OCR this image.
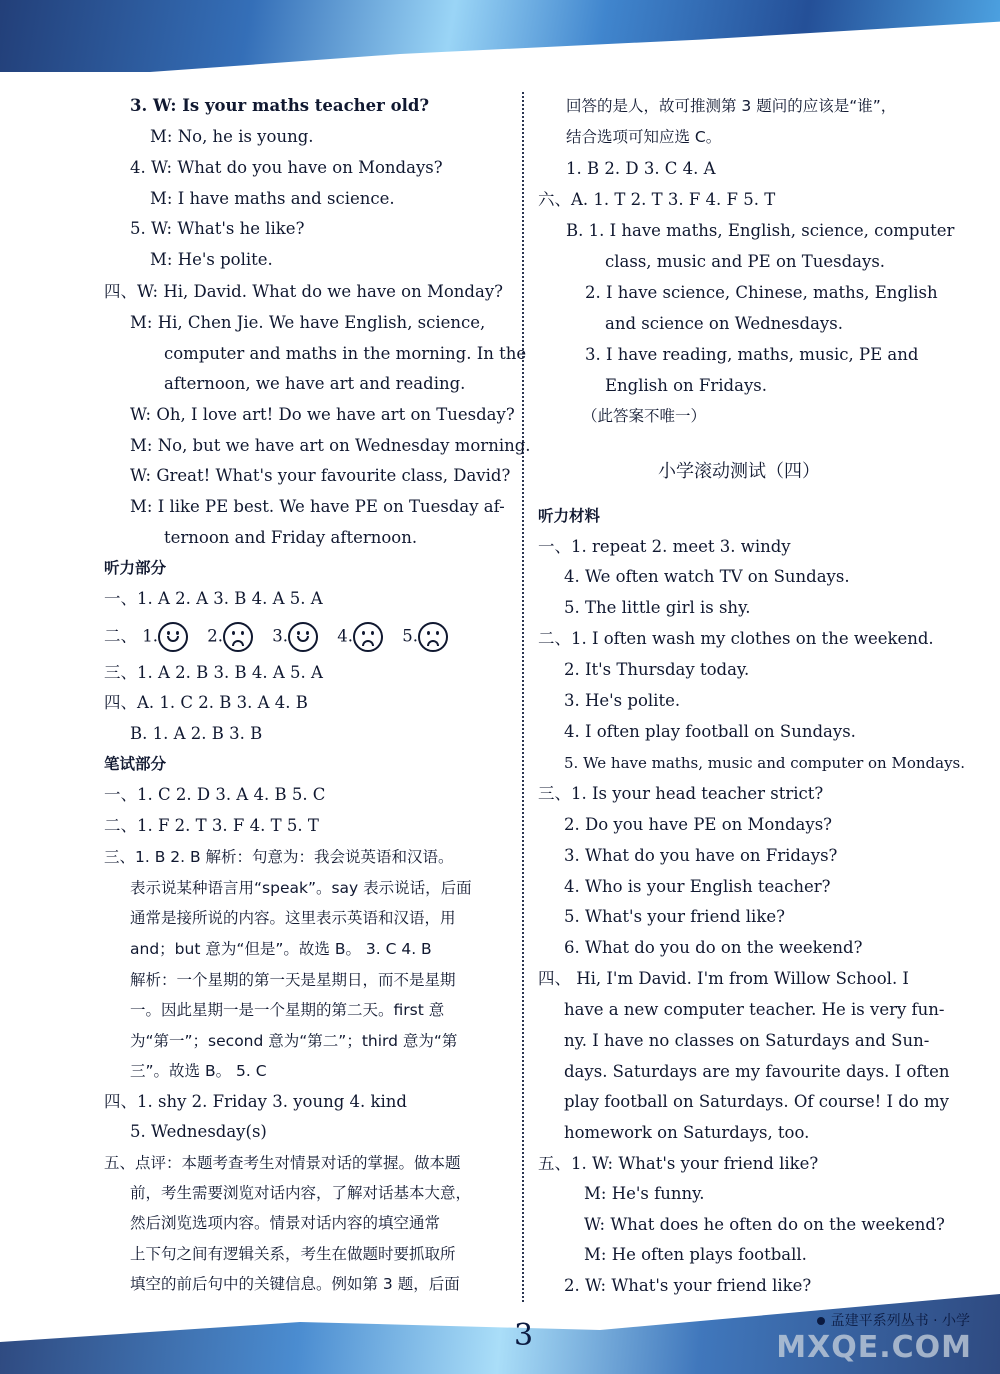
3. W: Is your maths teacher old?
M: No, he is young.
4. W: What do you have on Mondays?
M: I have maths and science.
5. W: What's he like?
M: He's polite.
四、W: Hi, David. What do we have on Monday?
M: Hi, Chen Jie. We have English, science,
computer and maths in the morning. In the
afternoon, we have art and reading.
W: Oh, I love art! Do we have art on Tuesday?
M: No, but we have art on Wednesday morning.
W: Great! What's your favourite class, David?
M: I like PE best. We have PE on Tuesday af-
ternoon and Friday afternoon.
听力部分
一、1. A 2. A 3. B 4. A 5. A
二、 1.	2.	3.	4.	5.
三、1. A 2. B 3. B 4. A 5. A
四、A. 1. C 2. B 3. A 4. B
B. 1. A 2. B 3. B
笔试部分
一、1. C 2. D 3. A 4. B 5. C
二、1. F 2. T 3. F 4. T 5. T
三、1. B 2. B 解析：句意为：我会说英语和汉语。
表示说某种语言用“speak”。say 表示说话，后面
通常是接所说的内容。这里表示英语和汉语，用
and；but 意为“但是”。故选 B。 3. C 4. B
解析：一个星期的第一天是星期日，而不是星期
一。因此星期一是一个星期的第二天。first 意
为“第一”；second 意为“第二”；third 意为“第
三”。故选 B。 5. C
四、1. shy 2. Friday 3. young 4. kind
5. Wednesday(s)
五、点评：本题考查考生对情景对话的掌握。做本题
前，考生需要浏览对话内容，了解对话基本大意，
然后浏览选项内容。情景对话内容的填空通常
上下句之间有逻辑关系，考生在做题时要抓取所
填空的前后句中的关键信息。例如第 3 题，后面
回答的是人，故可推测第 3 题问的应该是“谁”，
结合选项可知应选 C。
1. B 2. D 3. C 4. A
六、A. 1. T 2. T 3. F 4. F 5. T
B. 1. I have maths, English, science, computer
class, music and PE on Tuesdays.
2. I have science, Chinese, maths, English
and science on Wednesdays.
3. I have reading, maths, music, PE and
English on Fridays.
（此答案不唯一）
小学滚动测试（四）
听力材料
一、1. repeat 2. meet 3. windy
4. We often watch TV on Sundays.
5. The little girl is shy.
二、1. I often wash my clothes on the weekend.
2. It's Thursday today.
3. He's polite.
4. I often play football on Sundays.
5. We have maths, music and computer on Mondays.
三、1. Is your head teacher strict?
2. Do you have PE on Mondays?
3. What do you have on Fridays?
4. Who is your English teacher?
5. What's your friend like?
6. What do you do on the weekend?
四、 Hi, I'm David. I'm from Willow School. I
have a new computer teacher. He is very fun-
ny. I have no classes on Saturdays and Sun-
days. Saturdays are my favourite days. I often
play football on Saturdays. Of course! I do my
homework on Saturdays, too.
五、1. W: What's your friend like?
M: He's funny.
W: What does he often do on the weekend?
M: He often plays football.
2. W: What's your friend like?
3	孟建平系列丛书 · 小学
MXQE.COM
